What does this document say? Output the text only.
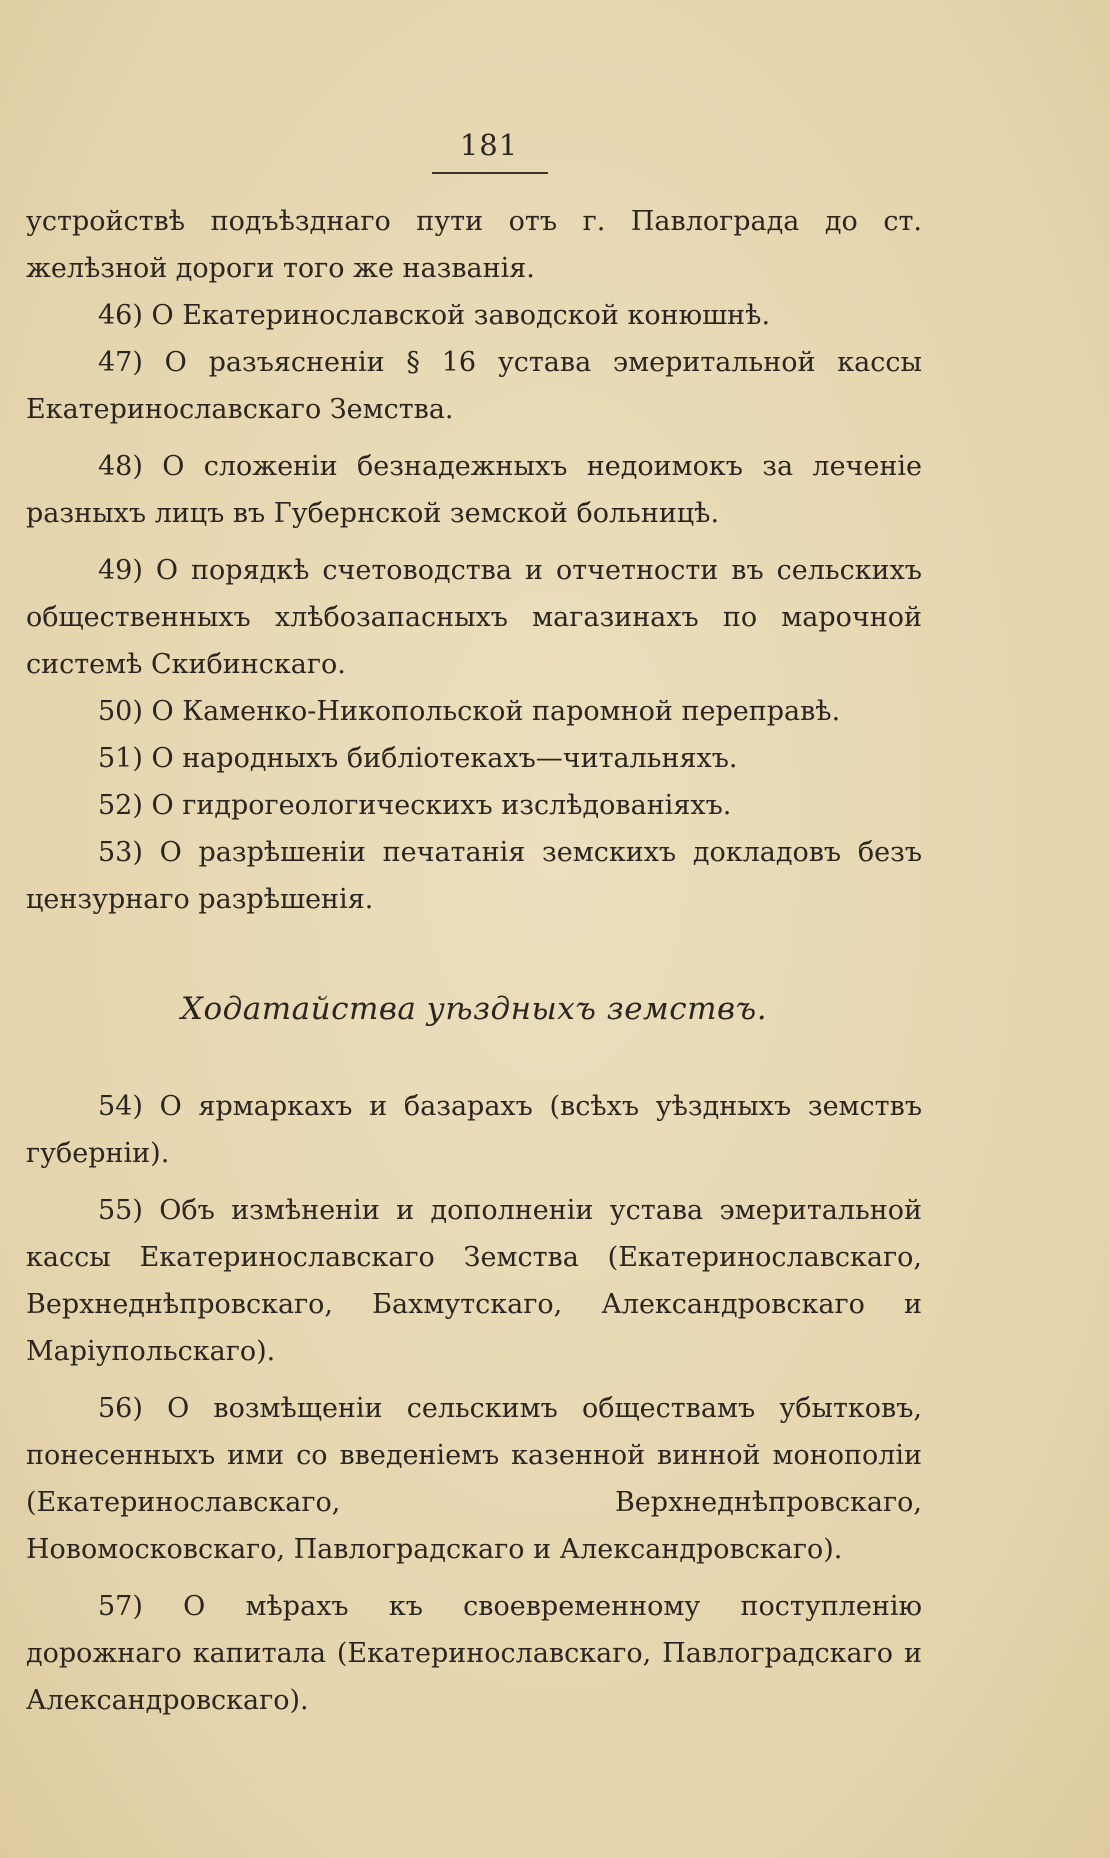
181

устройствѣ подъѣзднаго пути отъ г. Павлограда до ст. желѣзной дороги того же названія.

46) О Екатеринославской заводской конюшнѣ.

47) О разъясненіи § 16 устава эмеритальной кассы Екатеринославскаго Земства.

48) О сложеніи безнадежныхъ недоимокъ за леченіе разныхъ лицъ въ Губернской земской больницѣ.

49) О порядкѣ счетоводства и отчетности въ сельскихъ общественныхъ хлѣбозапасныхъ магазинахъ по марочной системѣ Скибинскаго.

50) О Каменко-Никопольской паромной переправѣ.

51) О народныхъ библіотекахъ—читальняхъ.

52) О гидрогеологическихъ изслѣдованіяхъ.

53) О разрѣшеніи печатанія земскихъ докладовъ безъ цензурнаго разрѣшенія.

Ходатайства уѣздныхъ земствъ.

54) О ярмаркахъ и базарахъ (всѣхъ уѣздныхъ земствъ губерніи).

55) Объ измѣненіи и дополненіи устава эмеритальной кассы Екатеринославскаго Земства (Екатеринославскаго, Верхнеднѣпровскаго, Бахмутскаго, Александровскаго и Маріупольскаго).

56) О возмѣщеніи сельскимъ обществамъ убытковъ, понесенныхъ ими со введеніемъ казенной винной монополіи (Екатеринославскаго, Верхнеднѣпровскаго, Новомосковскаго, Павлоградскаго и Александровскаго).

57) О мѣрахъ къ своевременному поступленію дорожнаго капитала (Екатеринославскаго, Павлоградскаго и Александровскаго).
